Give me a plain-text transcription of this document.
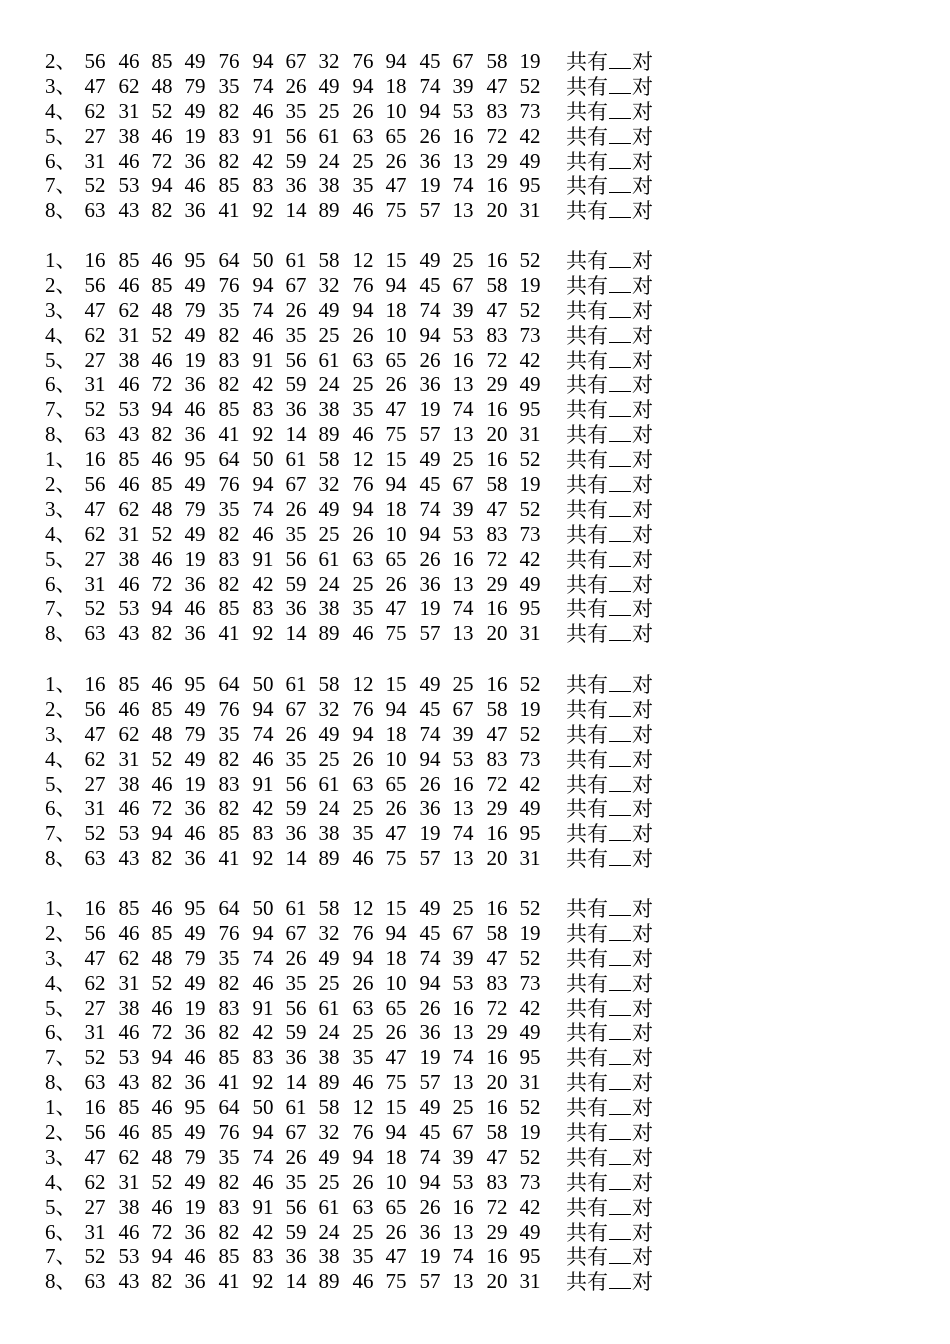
2、 56 46 85 49 76 94 67 32 76 94 45 67 58 19 共有 对
3、 47 62 48 79 35 74 26 49 94 18 74 39 47 52 共有 对
4、 62 31 52 49 82 46 35 25 26 10 94 53 83 73 共有 对
5、 27 38 46 19 83 91 56 61 63 65 26 16 72 42 共有 对
6、 31 46 72 36 82 42 59 24 25 26 36 13 29 49 共有 对
7、 52 53 94 46 85 83 36 38 35 47 19 74 16 95 共有 对
8、 63 43 82 36 41 92 14 89 46 75 57 13 20 31 共有 对
1、 16 85 46 95 64 50 61 58 12 15 49 25 16 52 共有 对
2、 56 46 85 49 76 94 67 32 76 94 45 67 58 19 共有 对
3、 47 62 48 79 35 74 26 49 94 18 74 39 47 52 共有 对
4、 62 31 52 49 82 46 35 25 26 10 94 53 83 73 共有 对
5、 27 38 46 19 83 91 56 61 63 65 26 16 72 42 共有 对
6、 31 46 72 36 82 42 59 24 25 26 36 13 29 49 共有 对
7、 52 53 94 46 85 83 36 38 35 47 19 74 16 95 共有 对
8、 63 43 82 36 41 92 14 89 46 75 57 13 20 31 共有 对
1、 16 85 46 95 64 50 61 58 12 15 49 25 16 52 共有 对
2、 56 46 85 49 76 94 67 32 76 94 45 67 58 19 共有 对
3、 47 62 48 79 35 74 26 49 94 18 74 39 47 52 共有 对
4、 62 31 52 49 82 46 35 25 26 10 94 53 83 73 共有 对
5、 27 38 46 19 83 91 56 61 63 65 26 16 72 42 共有 对
6、 31 46 72 36 82 42 59 24 25 26 36 13 29 49 共有 对
7、 52 53 94 46 85 83 36 38 35 47 19 74 16 95 共有 对
8、 63 43 82 36 41 92 14 89 46 75 57 13 20 31 共有 对
1、 16 85 46 95 64 50 61 58 12 15 49 25 16 52 共有 对
2、 56 46 85 49 76 94 67 32 76 94 45 67 58 19 共有 对
3、 47 62 48 79 35 74 26 49 94 18 74 39 47 52 共有 对
4、 62 31 52 49 82 46 35 25 26 10 94 53 83 73 共有 对
5、 27 38 46 19 83 91 56 61 63 65 26 16 72 42 共有 对
6、 31 46 72 36 82 42 59 24 25 26 36 13 29 49 共有 对
7、 52 53 94 46 85 83 36 38 35 47 19 74 16 95 共有 对
8、 63 43 82 36 41 92 14 89 46 75 57 13 20 31 共有 对
1、 16 85 46 95 64 50 61 58 12 15 49 25 16 52 共有 对
2、 56 46 85 49 76 94 67 32 76 94 45 67 58 19 共有 对
3、 47 62 48 79 35 74 26 49 94 18 74 39 47 52 共有 对
4、 62 31 52 49 82 46 35 25 26 10 94 53 83 73 共有 对
5、 27 38 46 19 83 91 56 61 63 65 26 16 72 42 共有 对
6、 31 46 72 36 82 42 59 24 25 26 36 13 29 49 共有 对
7、 52 53 94 46 85 83 36 38 35 47 19 74 16 95 共有 对
8、 63 43 82 36 41 92 14 89 46 75 57 13 20 31 共有 对
1、 16 85 46 95 64 50 61 58 12 15 49 25 16 52 共有 对
2、 56 46 85 49 76 94 67 32 76 94 45 67 58 19 共有 对
3、 47 62 48 79 35 74 26 49 94 18 74 39 47 52 共有 对
4、 62 31 52 49 82 46 35 25 26 10 94 53 83 73 共有 对
5、 27 38 46 19 83 91 56 61 63 65 26 16 72 42 共有 对
6、 31 46 72 36 82 42 59 24 25 26 36 13 29 49 共有 对
7、 52 53 94 46 85 83 36 38 35 47 19 74 16 95 共有 对
8、 63 43 82 36 41 92 14 89 46 75 57 13 20 31 共有 对
